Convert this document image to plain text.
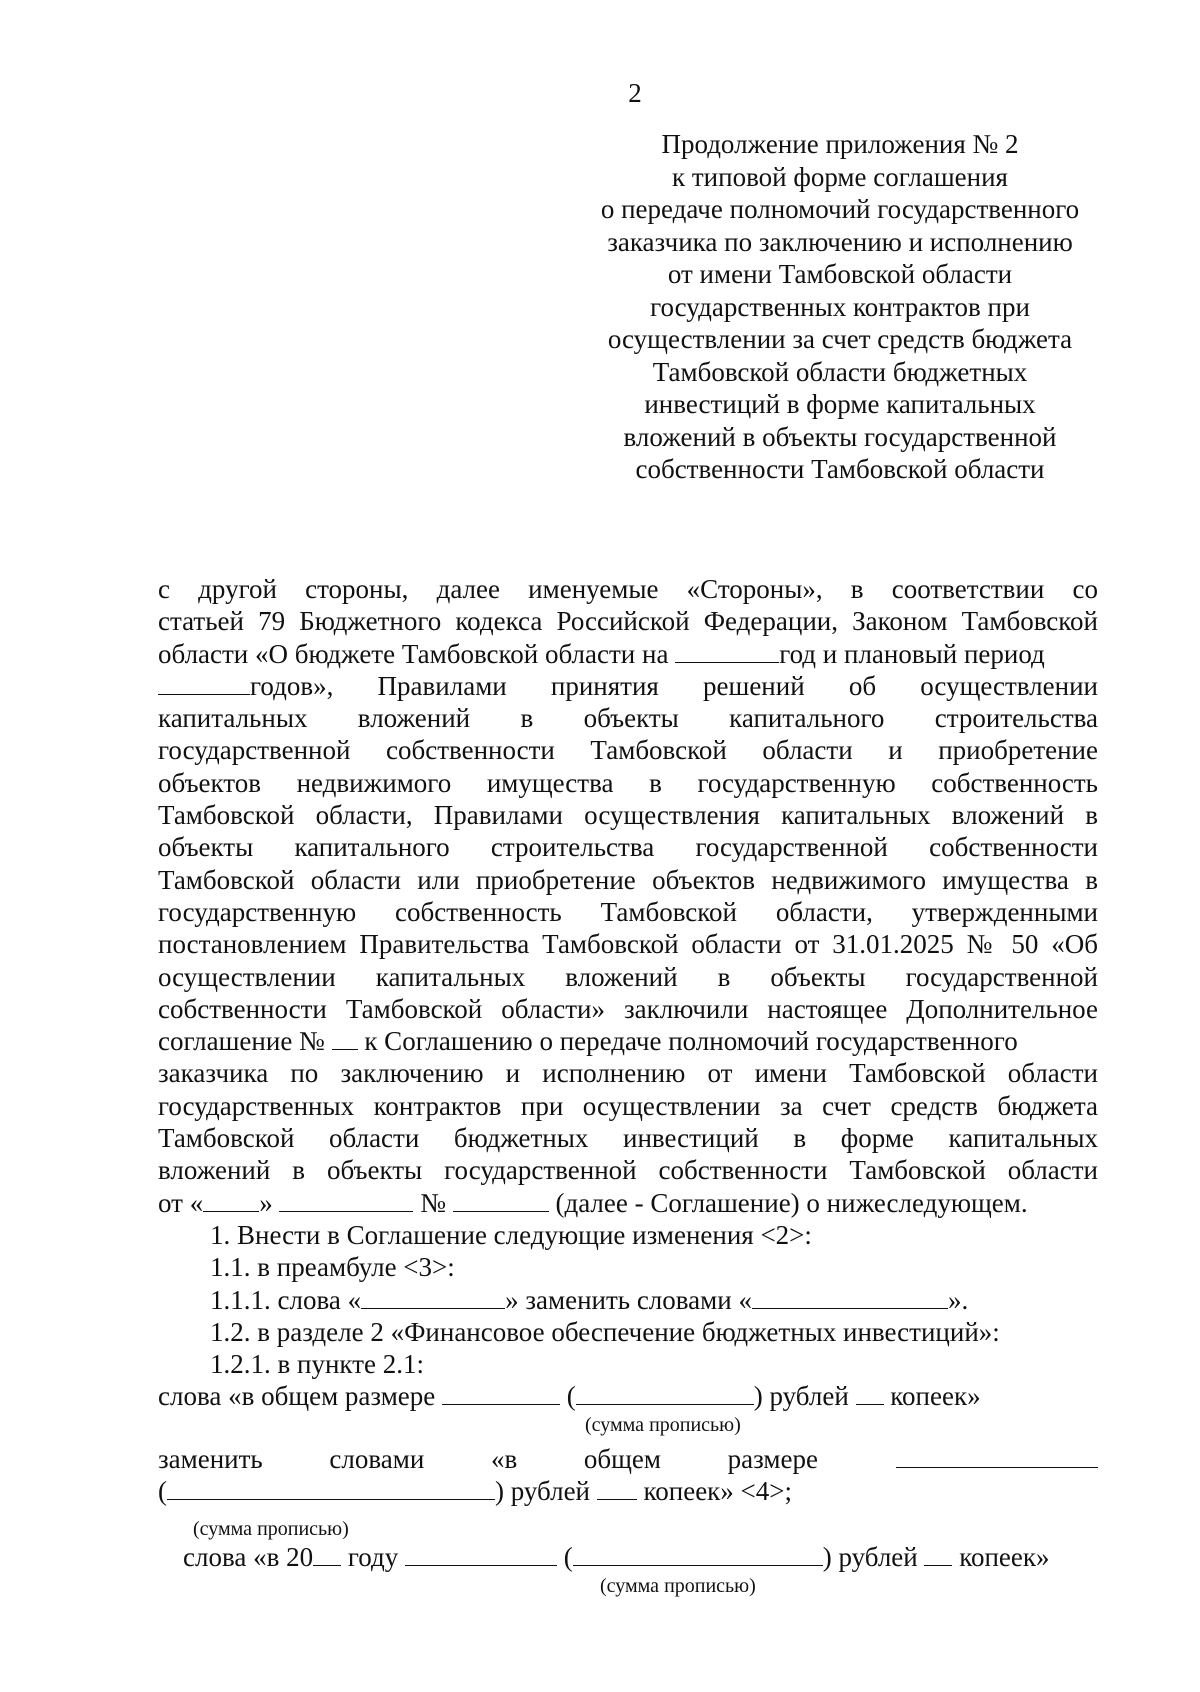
2
Продолжение приложения № 2
к типовой форме соглашения
о передаче полномочий государственного
заказчика по заключению и исполнению
от имени Тамбовской области
государственных контрактов при
осуществлении за счет средств бюджета
Тамбовской области бюджетных
инвестиций в форме капитальных
вложений в объекты государственной
собственности Тамбовской области
с другой стороны, далее именуемые «Стороны», в соответствии со
статьей 79 Бюджетного кодекса Российской Федерации, Законом Тамбовской
области «О бюджете Тамбовской области на	год и плановый период
годов», Правилами принятия решений об осуществлении
капитальных вложений в объекты капитального строительства
государственной собственности Тамбовской области и приобретение
объектов недвижимого имущества в государственную собственность
Тамбовской области, Правилами осуществления капитальных вложений в
объекты капитального строительства государственной собственности
Тамбовской области или приобретение объектов недвижимого имущества в
государственную собственность Тамбовской области, утвержденными
постановлением Правительства Тамбовской области от 31.01.2025 № 50 «Об
осуществлении капитальных вложений в объекты государственной
собственности Тамбовской области» заключили настоящее Дополнительное
соглашение № к Соглашению о передаче полномочий государственного
заказчика по заключению и исполнению от имени Тамбовской области
государственных контрактов при осуществлении за счет средств бюджета
Тамбовской области бюджетных инвестиций в форме капитальных
вложений в объекты государственной собственности Тамбовской области
от « »	№	(далее - Соглашение) о нижеследующем.
1. Внести в Соглашение следующие изменения <2>:
1.1. в преамбуле <3>:
1.1.1. слова «	» заменить словами «	».
1.2. в разделе 2 «Финансовое обеспечение бюджетных инвестиций»:
1.2.1. в пункте 2.1:
слова «в общем размере	(	) рублей копеек»
(сумма прописью)
заменить словами «в общем размере
(	) рублей копеек» <4>;
(сумма прописью)
слова «в 20 году	(	) рублей копеек»
(сумма прописью)
